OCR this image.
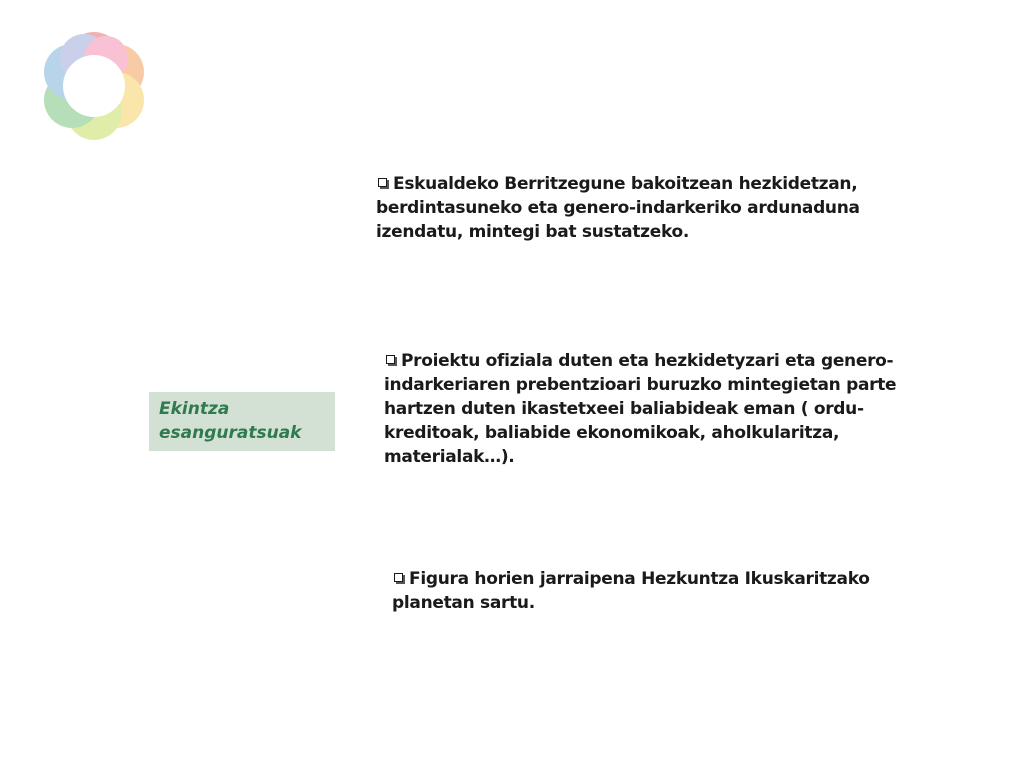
Ekintza esanguratsuak
Eskualdeko Berritzegune bakoitzean hezkidetzan, berdintasuneko eta genero-indarkeriko ardunaduna izendatu, mintegi bat sustatzeko.
Proiektu ofiziala duten eta hezkidetyzari eta genero-indarkeriaren prebentzioari buruzko mintegietan parte hartzen duten ikastetxeei baliabideak eman ( ordu-kreditoak, baliabide ekonomikoak, aholkularitza, materialak…).
Figura horien jarraipena Hezkuntza Ikuskaritzako planetan sartu.
